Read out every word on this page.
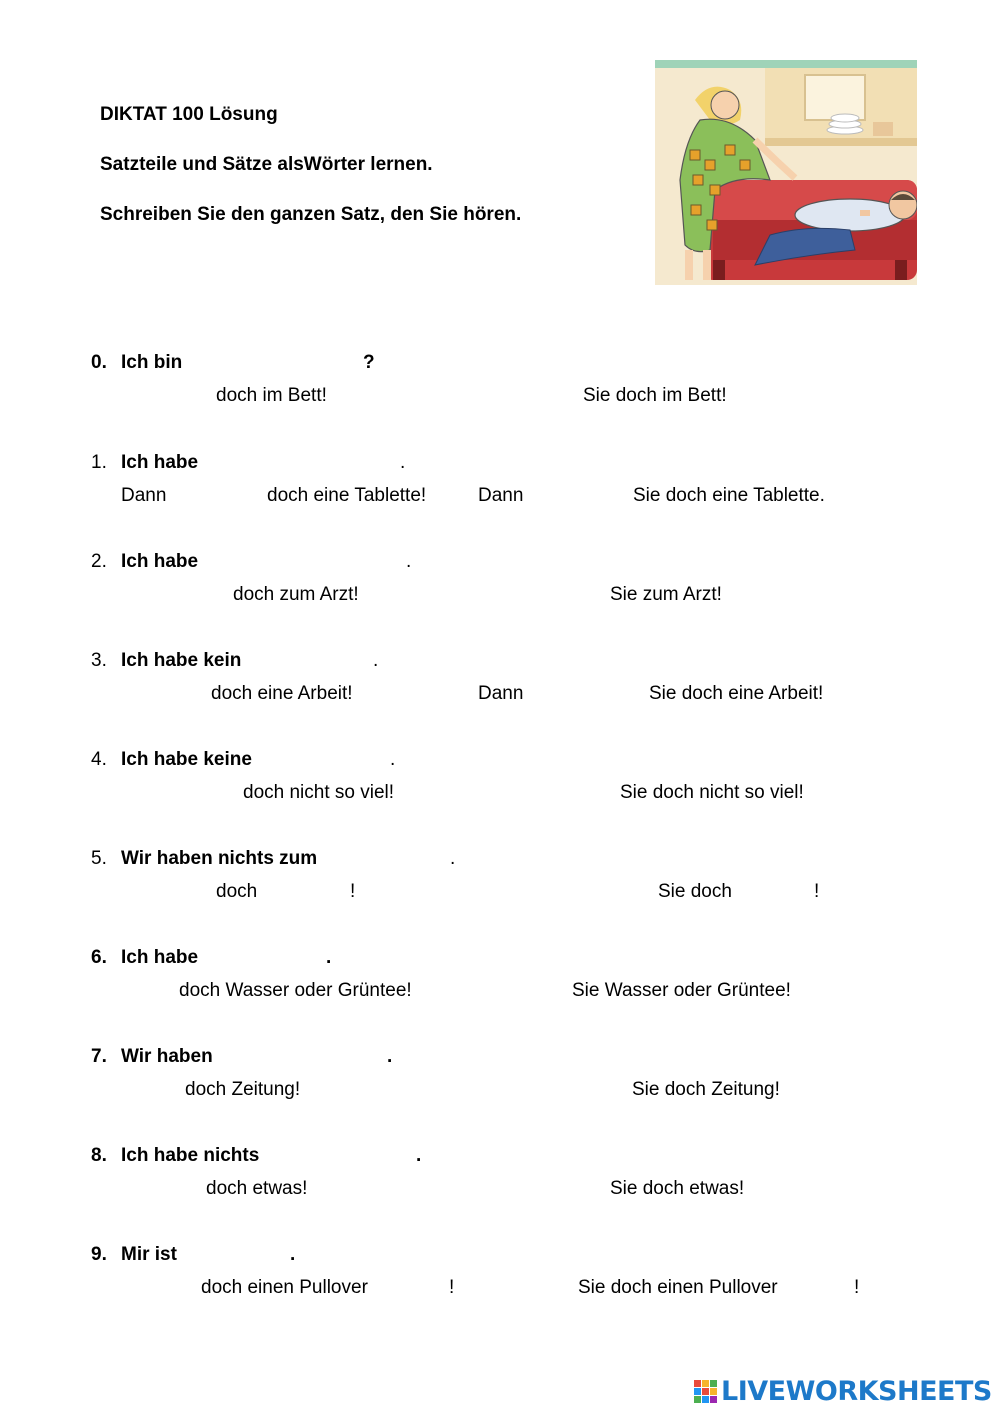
DIKTAT 100 Lösung
Satzteile und Sätze alsWörter lernen.
Schreiben Sie den ganzen Satz, den Sie hören.
0. Ich bin	?
doch im Bett!	Sie doch im Bett!
1. Ich habe	.
Dann	doch eine Tablette!	Dann	Sie doch eine Tablette.
2. Ich habe	.
doch zum Arzt!	Sie zum Arzt!
3. Ich habe kein	.
doch eine Arbeit!	Dann	Sie doch eine Arbeit!
4. Ich habe keine	.
doch nicht so viel!	Sie doch nicht so viel!
5. Wir haben nichts zum	.
doch	!	Sie doch	!
6. Ich habe	.
doch Wasser oder Grüntee!	Sie Wasser oder Grüntee!
7. Wir haben	.
doch Zeitung!	Sie doch Zeitung!
8. Ich habe nichts	.
doch etwas!	Sie doch etwas!
9. Mir ist	.
doch einen Pullover	!	Sie doch einen Pullover	!
LIVEWORKSHEETS
